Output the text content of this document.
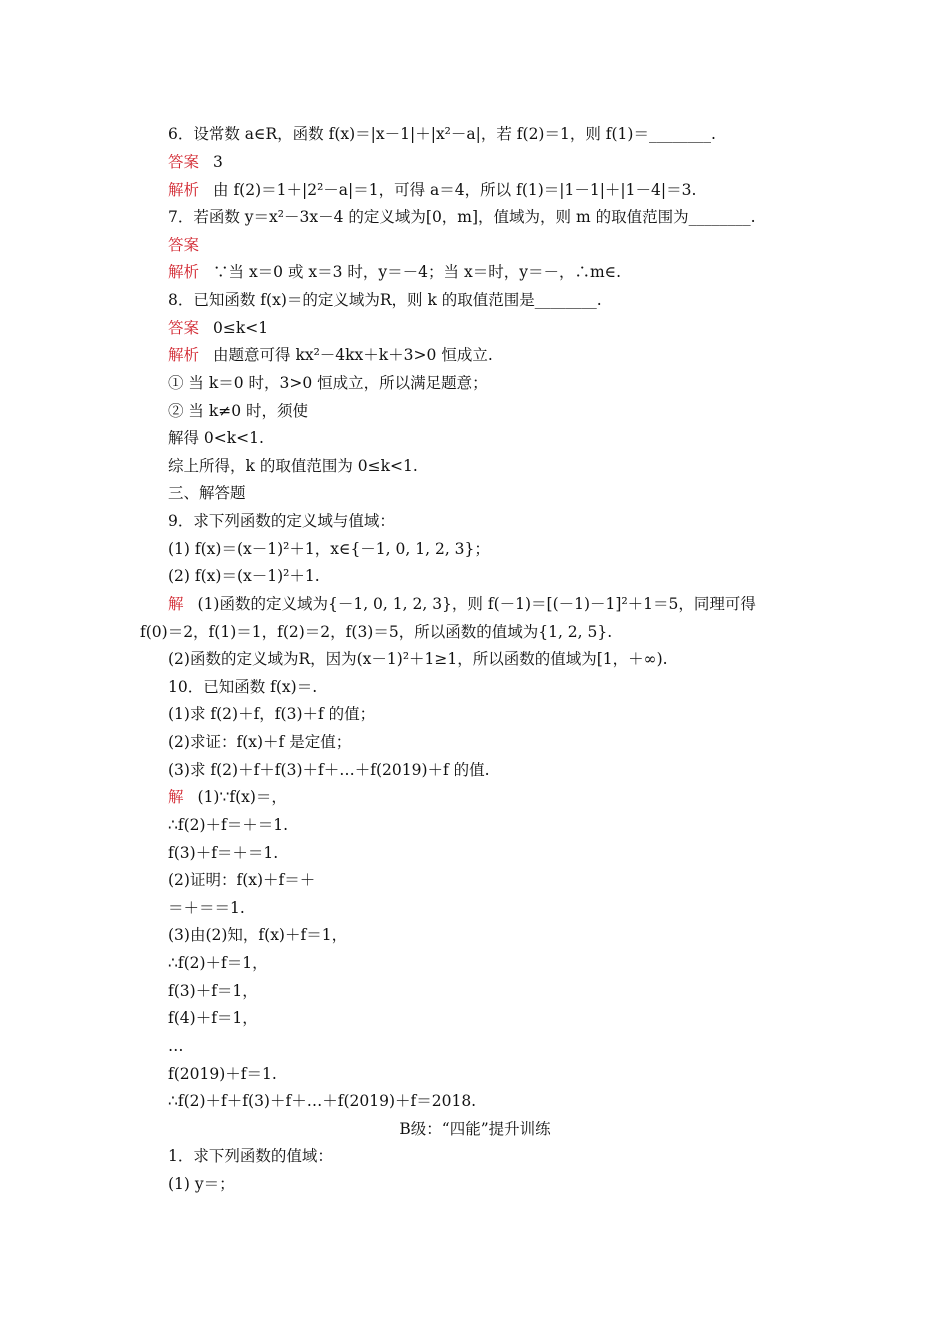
6．设常数 a∈R，函数 f(x)＝|x－1|＋|x²－a|，若 f(2)＝1，则 f(1)＝________.
答案 3
解析 由 f(2)＝1＋|2²－a|＝1，可得 a＝4，所以 f(1)＝|1－1|＋|1－4|＝3.
7．若函数 y＝x²－3x－4 的定义域为[0，m]，值域为，则 m 的取值范围为________.
答案
解析 ∵当 x＝0 或 x＝3 时，y＝－4；当 x＝时，y＝－，∴m∈.
8．已知函数 f(x)＝的定义域为R，则 k 的取值范围是________.
答案 0≤k<1
解析 由题意可得 kx²－4kx＋k＋3>0 恒成立.
① 当 k＝0 时，3>0 恒成立，所以满足题意；
② 当 k≠0 时，须使
解得 0<k<1.
综上所得，k 的取值范围为 0≤k<1.
三、解答题
9．求下列函数的定义域与值域：
(1) f(x)＝(x－1)²＋1，x∈{－1, 0, 1, 2, 3}；
(2) f(x)＝(x－1)²＋1.
解 (1)函数的定义域为{－1, 0, 1, 2, 3}，则 f(－1)＝[(－1)－1]²＋1＝5，同理可得
f(0)＝2，f(1)＝1，f(2)＝2，f(3)＝5，所以函数的值域为{1, 2, 5}.
(2)函数的定义域为R，因为(x－1)²＋1≥1，所以函数的值域为[1，＋∞).
10．已知函数 f(x)＝.
(1)求 f(2)＋f，f(3)＋f 的值；
(2)求证：f(x)＋f 是定值；
(3)求 f(2)＋f＋f(3)＋f＋…＋f(2019)＋f 的值.
解 (1)∵f(x)＝，
∴f(2)＋f＝＋＝1.
f(3)＋f＝＋＝1.
(2)证明：f(x)＋f＝＋
＝＋＝＝1.
(3)由(2)知，f(x)＋f＝1，
∴f(2)＋f＝1，
f(3)＋f＝1，
f(4)＋f＝1，
…
f(2019)＋f＝1.
∴f(2)＋f＋f(3)＋f＋…＋f(2019)＋f＝2018.
B级：“四能”提升训练
1．求下列函数的值域：
(1) y＝；
